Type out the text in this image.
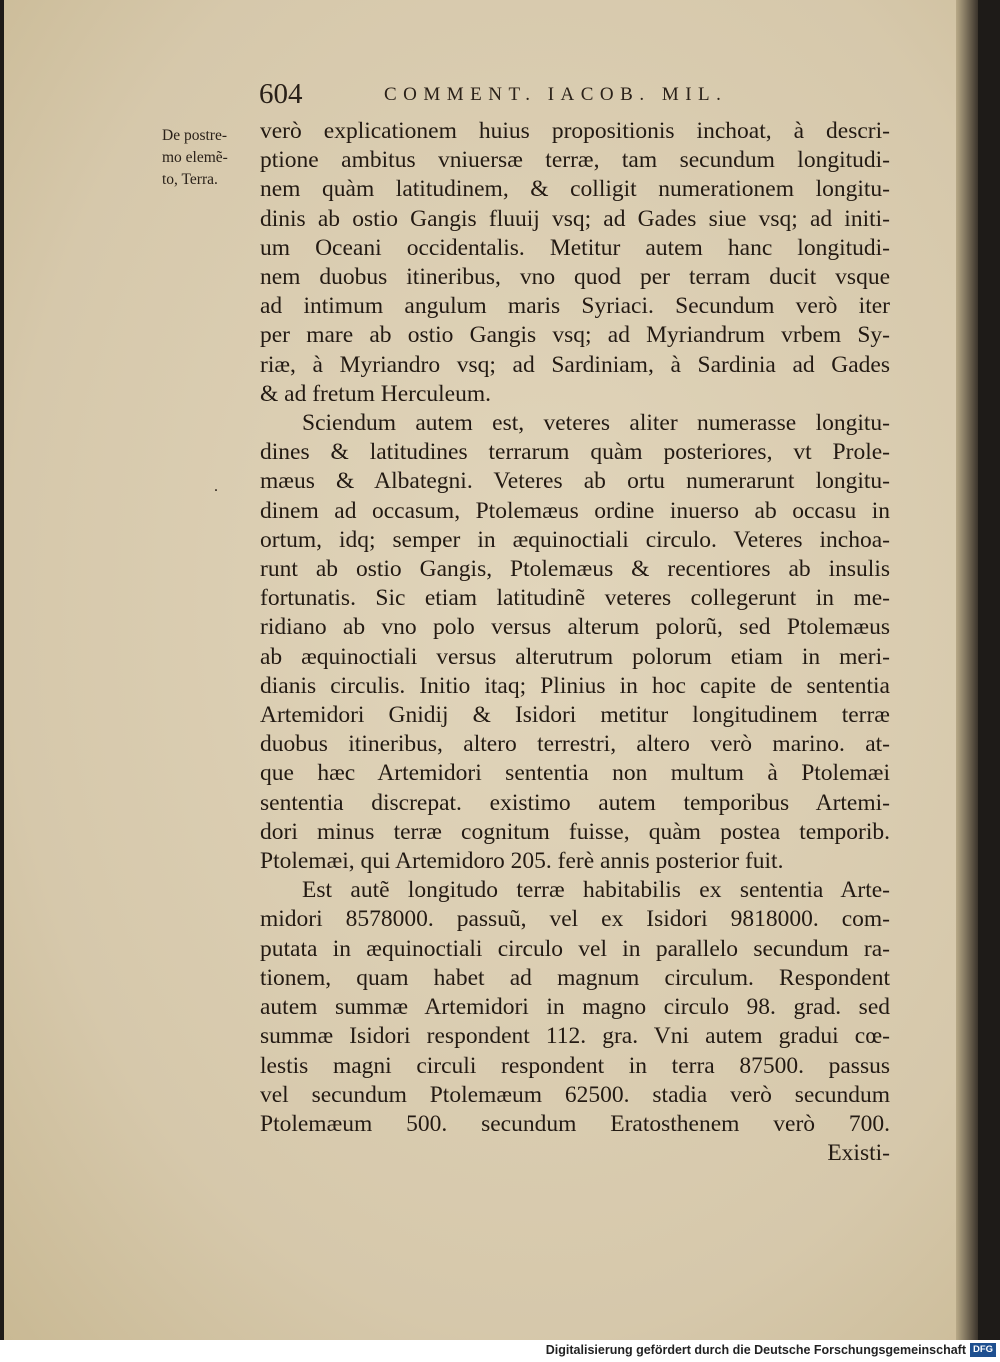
604	COMMENT. IACOB. MIL.
De postre-
mo elemẽ-
to, Terra.
.
verò explicationem huius propositionis inchoat, à descri-
ptione ambitus vniuersæ terræ, tam secundum longitudi-
nem quàm latitudinem, & colligit numerationem longitu-
dinis ab ostio Gangis fluuij vsq; ad Gades siue vsq; ad initi-
um Oceani occidentalis. Metitur autem hanc longitudi-
nem duobus itineribus, vno quod per terram ducit vsque
ad intimum angulum maris Syriaci. Secundum verò iter
per mare ab ostio Gangis vsq; ad Myriandrum vrbem Sy-
riæ, à Myriandro vsq; ad Sardiniam, à Sardinia ad Gades
& ad fretum Herculeum.
Sciendum autem est, veteres aliter numerasse longitu-
dines & latitudines terrarum quàm posteriores, vt Prole-
mæus & Albategni. Veteres ab ortu numerarunt longitu-
dinem ad occasum, Ptolemæus ordine inuerso ab occasu in
ortum, idq; semper in æquinoctiali circulo. Veteres inchoa-
runt ab ostio Gangis, Ptolemæus & recentiores ab insulis
fortunatis. Sic etiam latitudinẽ veteres collegerunt in me-
ridiano ab vno polo versus alterum polorũ, sed Ptolemæus
ab æquinoctiali versus alterutrum polorum etiam in meri-
dianis circulis. Initio itaq; Plinius in hoc capite de sententia
Artemidori Gnidij & Isidori metitur longitudinem terræ
duobus itineribus, altero terrestri, altero verò marino. at-
que hæc Artemidori sententia non multum à Ptolemæi
sententia discrepat. existimo autem temporibus Artemi-
dori minus terræ cognitum fuisse, quàm postea temporib.
Ptolemæi, qui Artemidoro 205. ferè annis posterior fuit.
Est autẽ longitudo terræ habitabilis ex sententia Arte-
midori 8578000. passuũ, vel ex Isidori 9818000. com-
putata in æquinoctiali circulo vel in parallelo secundum ra-
tionem, quam habet ad magnum circulum. Respondent
autem summæ Artemidori in magno circulo 98. grad. sed
summæ Isidori respondent 112. gra. Vni autem gradui cœ-
lestis magni circuli respondent in terra 87500. passus
vel secundum Ptolemæum 62500. stadia verò secundum
Ptolemæum 500. secundum Eratosthenem verò 700.
Existi-
Digitalisierung gefördert durch die Deutsche Forschungsgemeinschaft DFG
